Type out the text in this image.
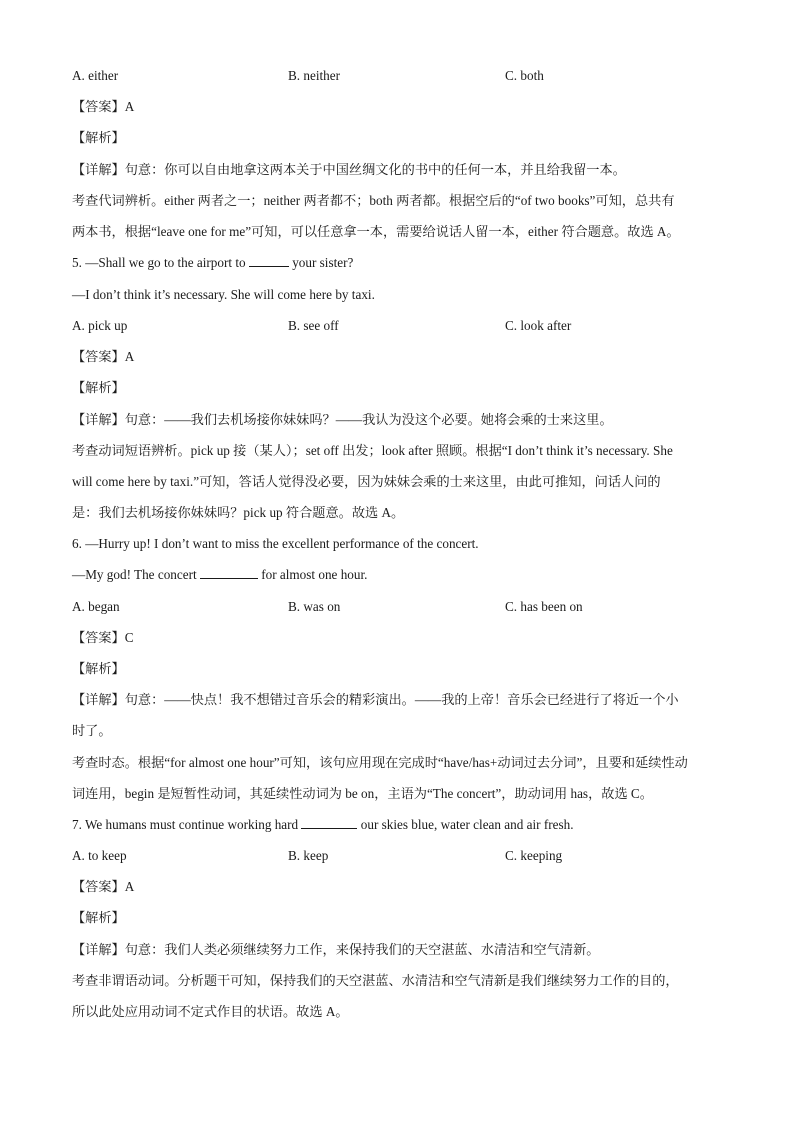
A. either	B. neither	C. both
【答案】A
【解析】
【详解】句意：你可以自由地拿这两本关于中国丝绸文化的书中的任何一本，并且给我留一本。
考查代词辨析。either 两者之一；neither 两者都不；both 两者都。根据空后的“of two books”可知，总共有
两本书，根据“leave one for me”可知，可以任意拿一本，需要给说话人留一本，either 符合题意。故选 A。
5. —Shall we go to the airport to	your sister?
—I don’t think it’s necessary. She will come here by taxi.
A. pick up	B. see off	C. look after
【答案】A
【解析】
【详解】句意：——我们去机场接你妹妹吗？——我认为没这个必要。她将会乘的士来这里。
考查动词短语辨析。pick up 接（某人）；set off 出发；look after 照顾。根据“I don’t think it’s necessary. She
will come here by taxi.”可知，答话人觉得没必要，因为妹妹会乘的士来这里，由此可推知，问话人问的
是：我们去机场接你妹妹吗？pick up 符合题意。故选 A。
6. —Hurry up! I don’t want to miss the excellent performance of the concert.
—My god! The concert	for almost one hour.
A. began	B. was on	C. has been on
【答案】C
【解析】
【详解】句意：——快点！我不想错过音乐会的精彩演出。——我的上帝！音乐会已经进行了将近一个小
时了。
考查时态。根据“for almost one hour”可知，该句应用现在完成时“have/has+动词过去分词”，且要和延续性动
词连用，begin 是短暂性动词，其延续性动词为 be on，主语为“The concert”，助动词用 has，故选 C。
7. We humans must continue working hard	our skies blue, water clean and air fresh.
A. to keep	B. keep	C. keeping
【答案】A
【解析】
【详解】句意：我们人类必须继续努力工作，来保持我们的天空湛蓝、水清洁和空气清新。
考查非谓语动词。分析题干可知，保持我们的天空湛蓝、水清洁和空气清新是我们继续努力工作的目的，
所以此处应用动词不定式作目的状语。故选 A。
